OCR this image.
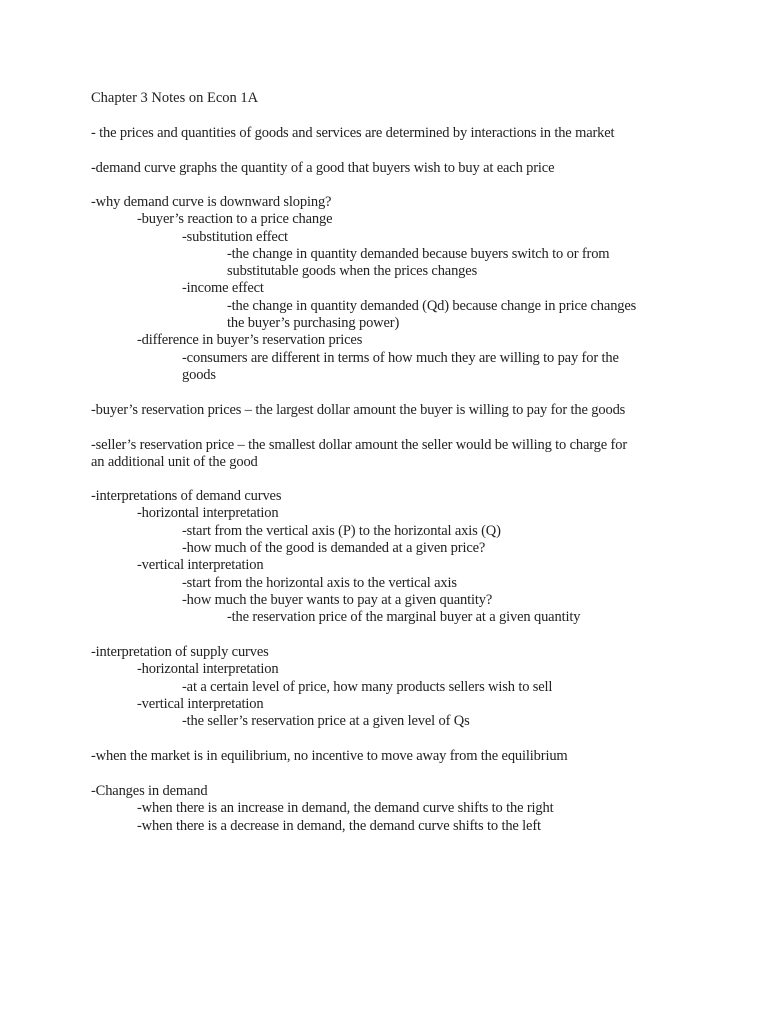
Chapter 3 Notes on Econ 1A
- the prices and quantities of goods and services are determined by interactions in the market
-demand curve graphs the quantity of a good that buyers wish to buy at each price
-why demand curve is downward sloping?
-buyer’s reaction to a price change
-substitution effect
-the change in quantity demanded because buyers switch to or from
substitutable goods when the prices changes
-income effect
-the change in quantity demanded (Qd) because change in price changes
the buyer’s purchasing power)
-difference in buyer’s reservation prices
-consumers are different in terms of how much they are willing to pay for the
goods
-buyer’s reservation prices – the largest dollar amount the buyer is willing to pay for the goods
-seller’s reservation price – the smallest dollar amount the seller would be willing to charge for
an additional unit of the good
-interpretations of demand curves
-horizontal interpretation
-start from the vertical axis (P) to the horizontal axis (Q)
-how much of the good is demanded at a given price?
-vertical interpretation
-start from the horizontal axis to the vertical axis
-how much the buyer wants to pay at a given quantity?
-the reservation price of the marginal buyer at a given quantity
-interpretation of supply curves
-horizontal interpretation
-at a certain level of price, how many products sellers wish to sell
-vertical interpretation
-the seller’s reservation price at a given level of Qs
-when the market is in equilibrium, no incentive to move away from the equilibrium
-Changes in demand
-when there is an increase in demand, the demand curve shifts to the right
-when there is a decrease in demand, the demand curve shifts to the left
